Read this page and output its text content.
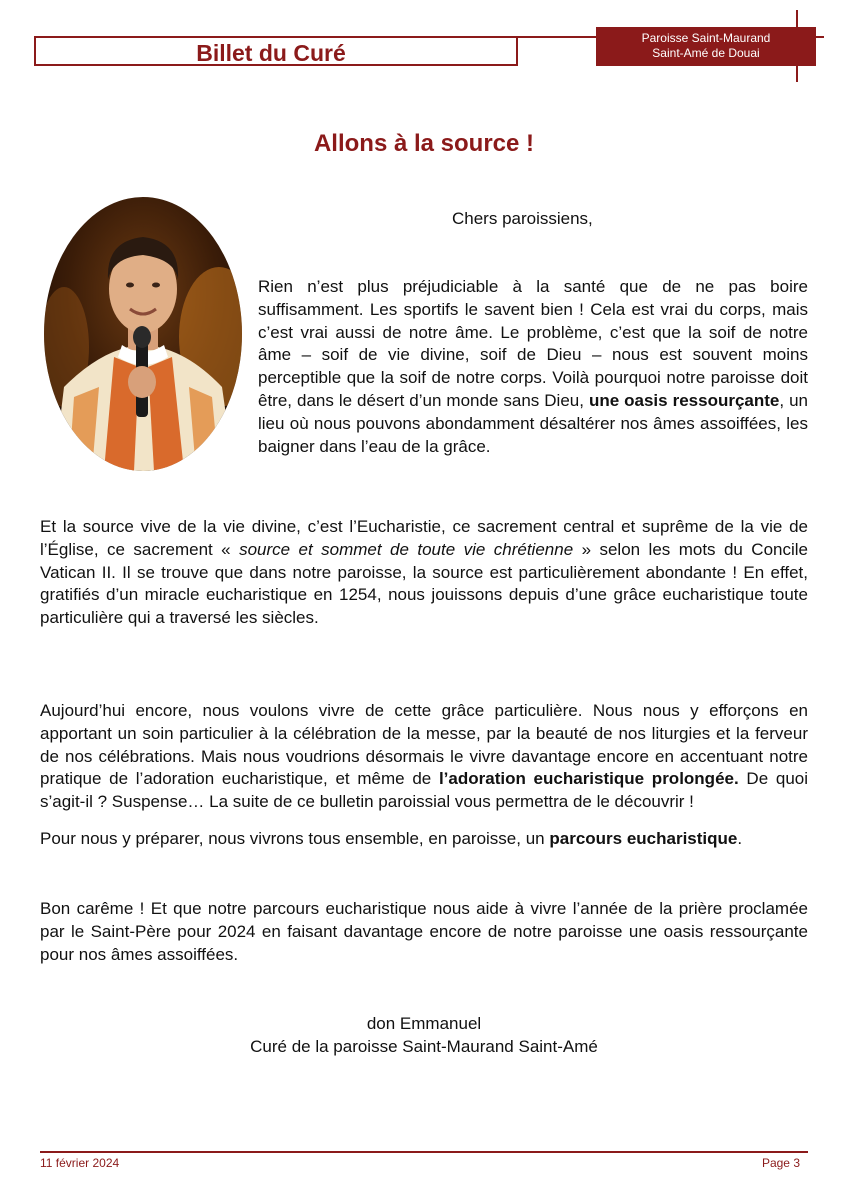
Billet du Curé
Paroisse Saint-Maurand
Saint-Amé de Douai
Allons à la source !
Chers paroissiens,

Rien n’est plus préjudiciable à la santé que de ne pas boire suffisamment. Les sportifs le savent bien ! Cela est vrai du corps, mais c’est vrai aussi de notre âme. Le problème, c’est que la soif de notre âme – soif de vie divine, soif de Dieu – nous est souvent moins perceptible que la soif de notre corps. Voilà pourquoi notre paroisse doit être, dans le désert d’un monde sans Dieu, une oasis ressourçante, un lieu où nous pouvons abondamment désaltérer nos âmes assoiffées, les baigner dans l’eau de la grâce.

Et la source vive de la vie divine, c’est l’Eucharistie, ce sacrement central et suprême de la vie de l’Église, ce sacrement « source et sommet de toute vie chrétienne » selon les mots du Concile Vatican II. Il se trouve que dans notre paroisse, la source est particulièrement abondante ! En effet, gratifiés d’un miracle eucharistique en 1254, nous jouissons depuis d’une grâce eucharistique toute particulière qui a traversé les siècles.

Aujourd’hui encore, nous voulons vivre de cette grâce particulière. Nous nous y efforçons en apportant un soin particulier à la célébration de la messe, par la beauté de nos liturgies et la ferveur de nos célébrations. Mais nous voudrions désormais le vivre davantage encore en accentuant notre pratique de l’adoration eucharistique, et même de l’adoration eucharistique prolongée. De quoi s’agit-il ? Suspense… La suite de ce bulletin paroissial vous permettra de le découvrir !

Pour nous y préparer, nous vivrons tous ensemble, en paroisse, un parcours eucharistique.

Bon carême ! Et que notre parcours eucharistique nous aide à vivre l’année de la prière proclamée par le Saint-Père pour 2024 en faisant davantage encore de notre paroisse une oasis ressourçante pour nos âmes assoiffées.

don Emmanuel
Curé de la paroisse Saint-Maurand Saint-Amé
11 février 2024	Page 3
